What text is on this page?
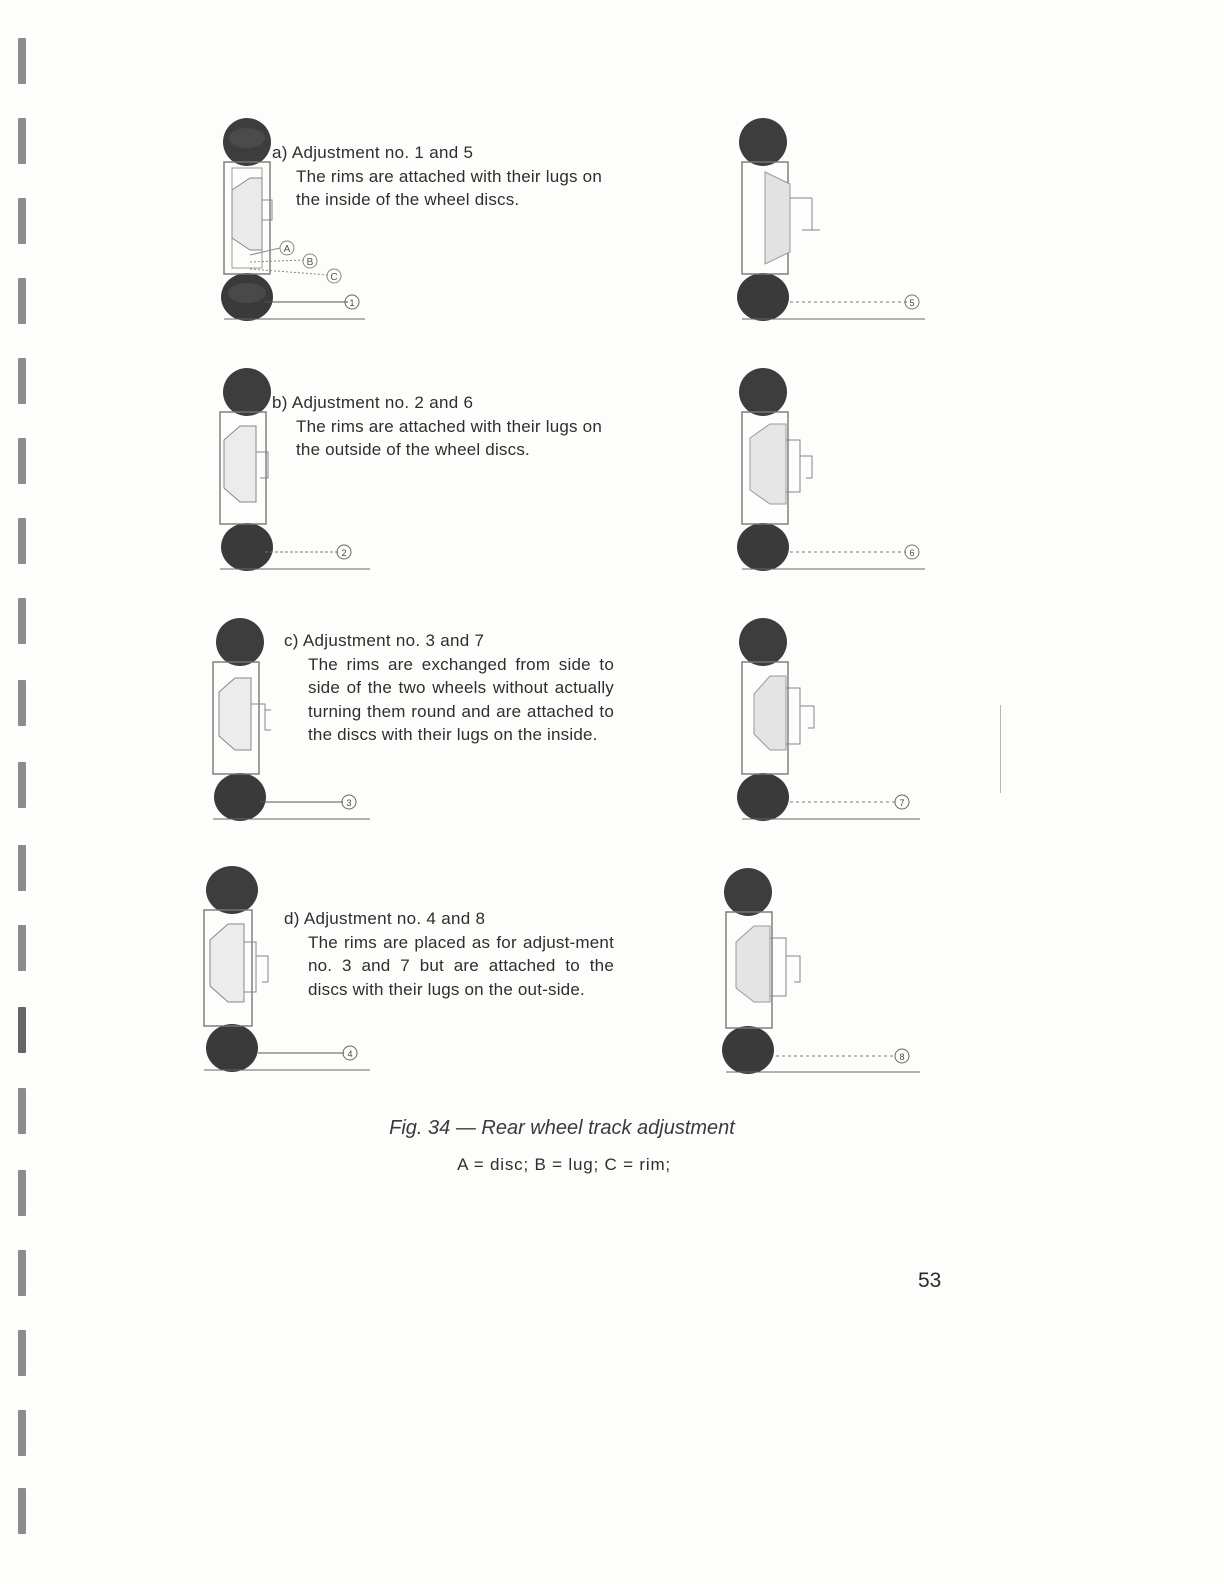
1
A
B
C
a) Adjustment no. 1 and 5
The rims are attached with their lugs on the inside of the wheel discs.
5
2
b) Adjustment no. 2 and 6
The rims are attached with their lugs on the outside of the wheel discs.
6
3
c) Adjustment no. 3 and 7
The rims are exchanged from side to side of the two wheels without actually turning them round and are attached to the discs with their lugs on the inside.
7
4
d) Adjustment no. 4 and 8
The rims are placed as for adjust-ment no. 3 and 7 but are attached to the discs with their lugs on the out-side.
8
Fig. 34 — Rear wheel track adjustment
A = disc; B = lug; C = rim;
53
